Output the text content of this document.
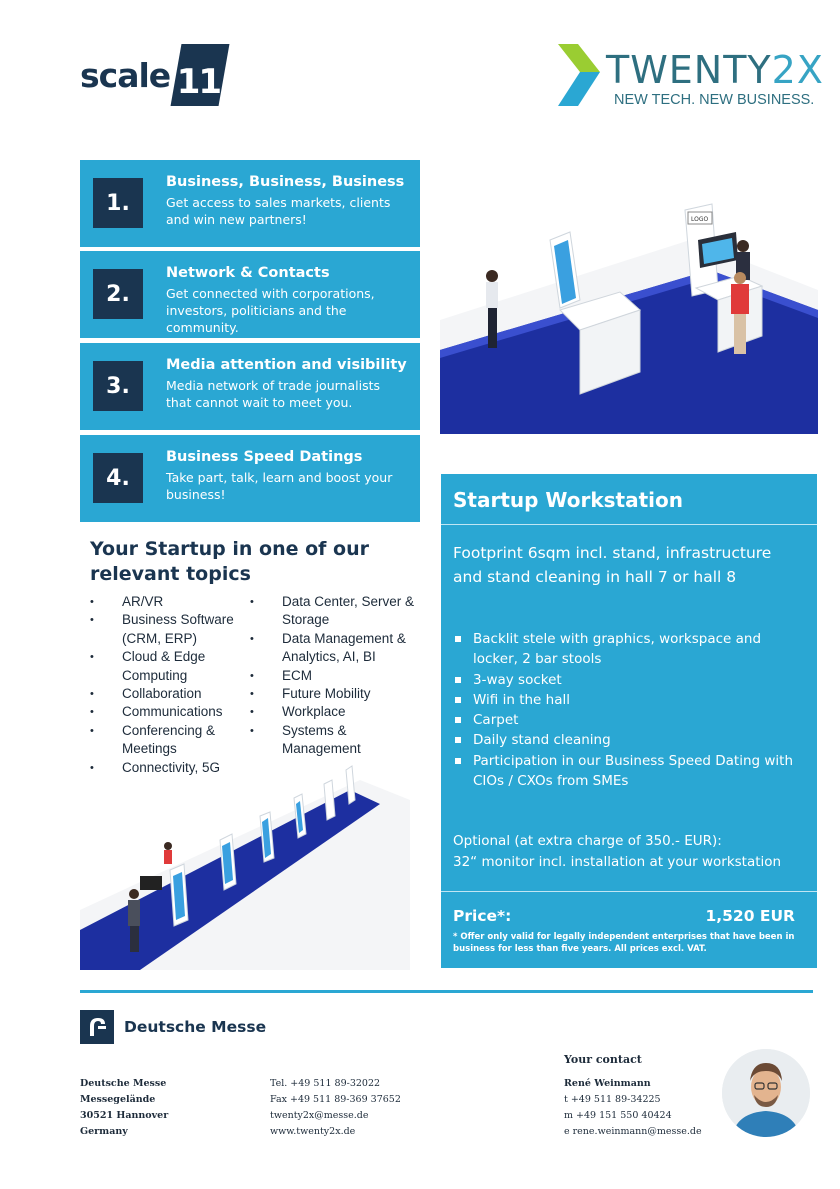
scale 11	TWENTY2X
NEW TECH. NEW BUSINESS.
1.
Business, Business, Business
Get access to sales markets, clients and win new partners!
2.
Network & Contacts
Get connected with corporations, investors, politicians and the community.
3.
Media attention and visibility
Media network of trade journalists that cannot wait to meet you.
4.
Business Speed Datings
Take part, talk, learn and boost your business!
Your Startup in one of our relevant topics
• AR/VR
• Business Software (CRM, ERP)
• Cloud & Edge Computing
• Collaboration
• Communications
• Conferencing & Meetings
• Connectivity, 5G
• Data Center, Server & Storage
• Data Management & Analytics, AI, BI
• ECM
• Future Mobility
• Workplace
• Systems & Management
LOGO
Startup Workstation
Footprint 6sqm incl. stand, infrastructure and stand cleaning in hall 7 or hall 8
Backlit stele with graphics, workspace and locker, 2 bar stools
3-way socket
Wifi in the hall
Carpet
Daily stand cleaning
Participation in our Business Speed Dating with CIOs / CXOs from SMEs
Optional (at extra charge of 350.- EUR):
32“ monitor incl. installation at your workstation
Price*:	1,520 EUR
* Offer only valid for legally independent enterprises that have been in business for less than five years. All prices excl. VAT.
Deutsche Messe
Deutsche Messe
Messegelände
30521 Hannover
Germany
Tel. +49 511 89-32022
Fax +49 511 89-369 37652
twenty2x@messe.de
www.twenty2x.de
Your contact
René Weinmann
t +49 511 89-34225
m +49 151 550 40424
e rene.weinmann@messe.de
